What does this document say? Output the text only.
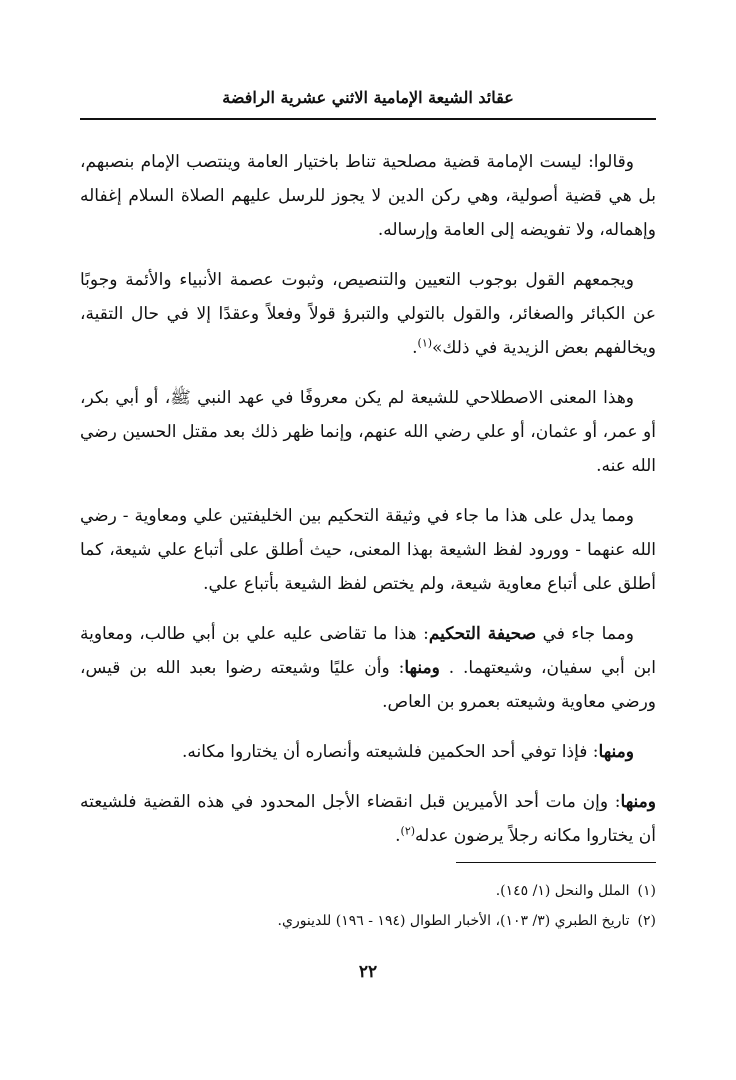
عقائد الشيعة الإمامية الاثني عشرية الرافضة

وقالوا: ليست الإمامة قضية مصلحية تناط باختيار العامة وينتصب الإمام بنصبهم، بل هي قضية أصولية، وهي ركن الدين لا يجوز للرسل عليهم الصلاة السلام إغفاله وإهماله، ولا تفويضه إلى العامة وإرساله.

ويجمعهم القول بوجوب التعيين والتنصيص، وثبوت عصمة الأنبياء والأئمة وجوبًا عن الكبائر والصغائر، والقول بالتولي والتبرؤ قولاً وفعلاً وعقدًا إلا في حال التقية، ويخالفهم بعض الزيدية في ذلك»$^{(١)}$.

وهذا المعنى الاصطلاحي للشيعة لم يكن معروفًا في عهد النبي ﷺ، أو أبي بكر، أو عمر، أو عثمان، أو علي رضي الله عنهم، وإنما ظهر ذلك بعد مقتل الحسين رضي الله عنه.

ومما يدل على هذا ما جاء في وثيقة التحكيم بين الخليفتين علي ومعاوية - رضي الله عنهما - وورود لفظ الشيعة بهذا المعنى، حيث أطلق على أتباع علي شيعة، كما أطلق على أتباع معاوية شيعة، ولم يختص لفظ الشيعة بأتباع علي.

ومما جاء في صحيفة التحكيم: هذا ما تقاضى عليه علي بن أبي طالب، ومعاوية ابن أبي سفيان، وشيعتهما. . ومنها: وأن عليًا وشيعته رضوا بعبد الله بن قيس، ورضي معاوية وشيعته بعمرو بن العاص.

ومنها: فإذا توفي أحد الحكمين فلشيعته وأنصاره أن يختاروا مكانه.

ومنها: وإن مات أحد الأميرين قبل انقضاء الأجل المحدود في هذه القضية فلشيعته أن يختاروا مكانه رجلاً يرضون عدله$^{(٢)}$.

(١)الملل والنحل (١/ ١٤٥).

(٢)تاريخ الطبري (٣/ ١٠٣)، الأخبار الطوال (١٩٤ - ١٩٦) للدينوري.

٢٢
